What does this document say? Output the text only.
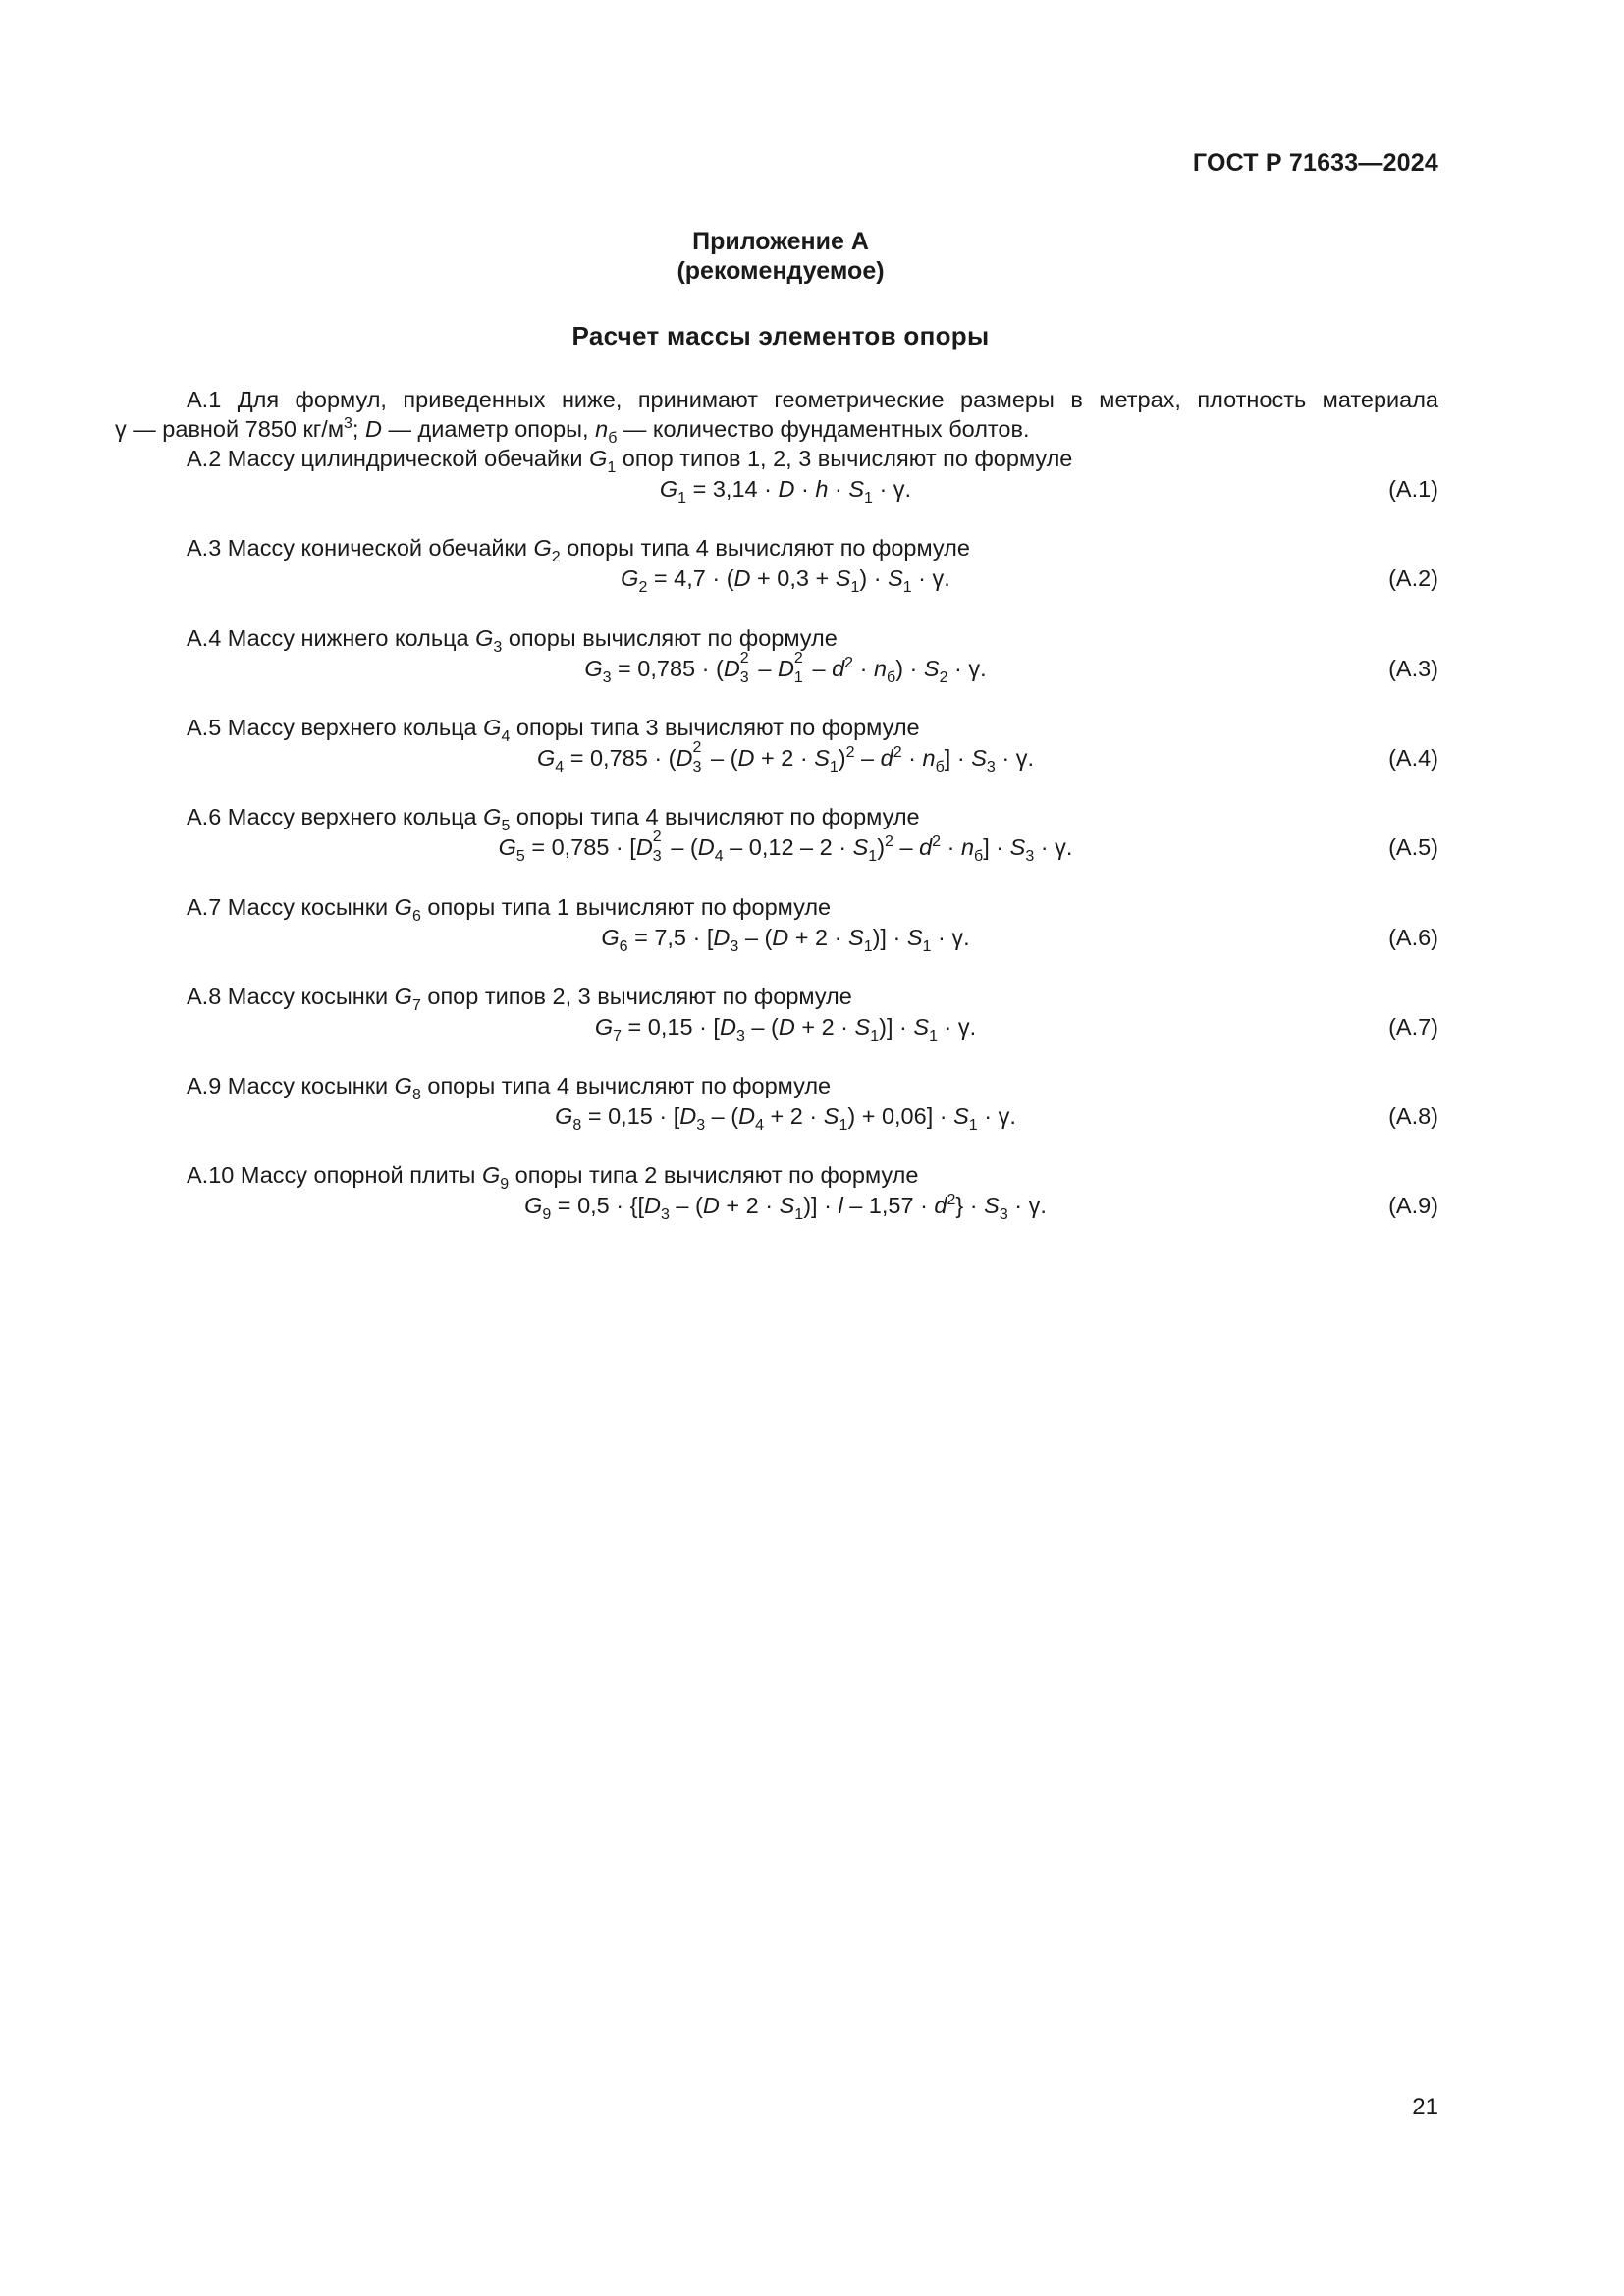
ГОСТ Р 71633—2024
Приложение А
(рекомендуемое)
Расчет массы элементов опоры
А.1 Для формул, приведенных ниже, принимают геометрические размеры в метрах, плотность материала
γ — равной 7850 $кг/м^3$; D — диаметр опоры, $n_б$ — количество фундаментных болтов.
А.2 Массу цилиндрической обечайки $G_1$ опор типов 1, 2, 3 вычисляют по формуле
$G_1 = 3,14 \cdot D \cdot h \cdot S_1 \cdot \gamma$.	(А.1)
А.3 Массу конической обечайки $G_2$ опоры типа 4 вычисляют по формуле
$G_2 = 4,7 \cdot (D + 0,3 + S_1) \cdot S_1 \cdot \gamma$.	(А.2)
А.4 Массу нижнего кольца $G_3$ опоры вычисляют по формуле
$G_3 = 0,785 \cdot (D$ 2
3 – D 2
$1 - d^2 \cdot n_б) \cdot S_2 \cdot \gamma$.	(А.3)
А.5 Массу верхнего кольца $G_4$ опоры типа 3 вычисляют по формуле
$G_4 = 0,785 \cdot (D$ 2
$3 - (D + 2 \cdot S_1)^2 - d^2 \cdot n_б] \cdot S_3 \cdot \gamma$.	(А.4)
А.6 Массу верхнего кольца $G_5$ опоры типа 4 вычисляют по формуле
$G_5 = 0,785 \cdot [D$ 2
$3 - (D_4 - 0,12 - 2 \cdot S_1)^2 - d^2 \cdot n_б] \cdot S_3 \cdot \gamma$.	(А.5)
А.7 Массу косынки $G_6$ опоры типа 1 вычисляют по формуле
$G_6 = 7,5 \cdot [D_3 - (D + 2 \cdot S_1)] \cdot S_1 \cdot \gamma$.	(А.6)
А.8 Массу косынки $G_7$ опор типов 2, 3 вычисляют по формуле
$G_7 = 0,15 \cdot [D_3 - (D + 2 \cdot S_1)] \cdot S_1 \cdot \gamma$.	(А.7)
А.9 Массу косынки $G_8$ опоры типа 4 вычисляют по формуле
$G_8 = 0,15 \cdot [D_3 - (D_4 + 2 \cdot S_1) + 0,06] \cdot S_1 \cdot \gamma$.	(А.8)
А.10 Массу опорной плиты $G_9$ опоры типа 2 вычисляют по формуле
$G_9 = 0,5 \cdot \{[D_3 - (D + 2 \cdot S_1)] \cdot l - 1,57 \cdot d^2\} \cdot S_3 \cdot \gamma$.	(А.9)
21
